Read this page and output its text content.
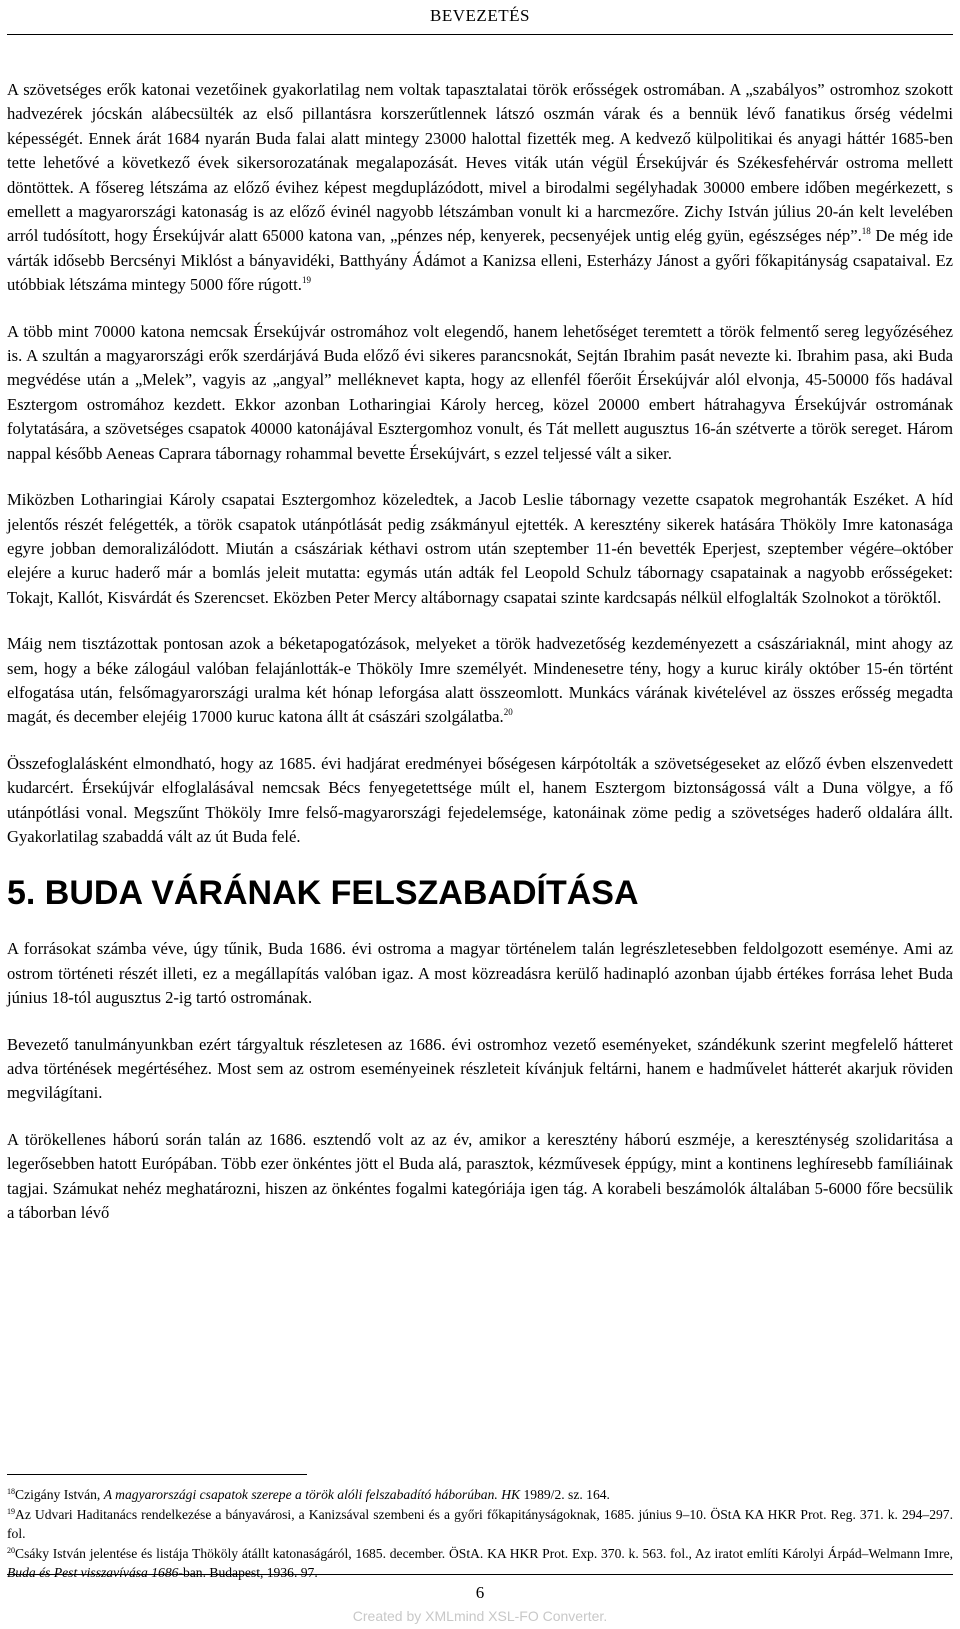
BEVEZETÉS

A szövetséges erők katonai vezetőinek gyakorlatilag nem voltak tapasztalatai török erősségek ostromában. A „szabályos” ostromhoz szokott hadvezérek jócskán alábecsülték az első pillantásra korszerűtlennek látszó oszmán várak és a bennük lévő fanatikus őrség védelmi képességét. Ennek árát 1684 nyarán Buda falai alatt mintegy 23000 halottal fizették meg. A kedvező külpolitikai és anyagi háttér 1685-ben tette lehetővé a következő évek sikersorozatának megalapozását. Heves viták után végül Érsekújvár és Székesfehérvár ostroma mellett döntöttek. A fősereg létszáma az előző évihez képest megduplázódott, mivel a birodalmi segélyhadak 30000 embere időben megérkezett, s emellett a magyarországi katonaság is az előző évinél nagyobb létszámban vonult ki a harcmezőre. Zichy István július 20-án kelt levelében arról tudósított, hogy Érsekújvár alatt 65000 katona van, „pénzes nép, kenyerek, pecsenyéjek untig elég gyün, egészséges nép”.$^{18}$ De még ide várták idősebb Bercsényi Miklóst a bányavidéki, Batthyány Ádámot a Kanizsa elleni, Esterházy Jánost a győri főkapitányság csapataival. Ez utóbbiak létszáma mintegy 5000 főre rúgott.$^{19}$

A több mint 70000 katona nemcsak Érsekújvár ostromához volt elegendő, hanem lehetőséget teremtett a török felmentő sereg legyőzéséhez is. A szultán a magyarországi erők szerdárjává Buda előző évi sikeres parancsnokát, Sejtán Ibrahim pasát nevezte ki. Ibrahim pasa, aki Buda megvédése után a „Melek”, vagyis az „angyal” melléknevet kapta, hogy az ellenfél főerőit Érsekújvár alól elvonja, 45-50000 fős hadával Esztergom ostromához kezdett. Ekkor azonban Lotharingiai Károly herceg, közel 20000 embert hátrahagyva Érsekújvár ostromának folytatására, a szövetséges csapatok 40000 katonájával Esztergomhoz vonult, és Tát mellett augusztus 16-án szétverte a török sereget. Három nappal később Aeneas Caprara tábornagy rohammal bevette Érsekújvárt, s ezzel teljessé vált a siker.

Miközben Lotharingiai Károly csapatai Esztergomhoz közeledtek, a Jacob Leslie tábornagy vezette csapatok megrohanták Eszéket. A híd jelentős részét felégették, a török csapatok utánpótlását pedig zsákmányul ejtették. A keresztény sikerek hatására Thököly Imre katonasága egyre jobban demoralizálódott. Miután a császáriak kéthavi ostrom után szeptember 11-én bevették Eperjest, szeptember végére–október elejére a kuruc haderő már a bomlás jeleit mutatta: egymás után adták fel Leopold Schulz tábornagy csapatainak a nagyobb erősségeket: Tokajt, Kallót, Kisvárdát és Szerencset. Eközben Peter Mercy altábornagy csapatai szinte kardcsapás nélkül elfoglalták Szolnokot a töröktől.

Máig nem tisztázottak pontosan azok a béketapogatózások, melyeket a török hadvezetőség kezdeményezett a császáriaknál, mint ahogy az sem, hogy a béke zálogául valóban felajánlották-e Thököly Imre személyét. Mindenesetre tény, hogy a kuruc király október 15-én történt elfogatása után, felsőmagyarországi uralma két hónap leforgása alatt összeomlott. Munkács várának kivételével az összes erősség megadta magát, és december elejéig 17000 kuruc katona állt át császári szolgálatba.$^{20}$

Összefoglalásként elmondható, hogy az 1685. évi hadjárat eredményei bőségesen kárpótolták a szövetségeseket az előző évben elszenvedett kudarcért. Érsekújvár elfoglalásával nemcsak Bécs fenyegetettsége múlt el, hanem Esztergom biztonságossá vált a Duna völgye, a fő utánpótlási vonal. Megszűnt Thököly Imre felső-magyarországi fejedelemsége, katonáinak zöme pedig a szövetséges haderő oldalára állt. Gyakorlatilag szabaddá vált az út Buda felé.

5. BUDA VÁRÁNAK FELSZABADÍTÁSA

A forrásokat számba véve, úgy tűnik, Buda 1686. évi ostroma a magyar történelem talán legrészletesebben feldolgozott eseménye. Ami az ostrom történeti részét illeti, ez a megállapítás valóban igaz. A most közreadásra kerülő hadinapló azonban újabb értékes forrása lehet Buda június 18-tól augusztus 2-ig tartó ostromának.

Bevezető tanulmányunkban ezért tárgyaltuk részletesen az 1686. évi ostromhoz vezető eseményeket, szándékunk szerint megfelelő hátteret adva történések megértéséhez. Most sem az ostrom eseményeinek részleteit kívánjuk feltárni, hanem e hadművelet hátterét akarjuk röviden megvilágítani.

A törökellenes háború során talán az 1686. esztendő volt az az év, amikor a keresztény háború eszméje, a kereszténység szolidaritása a legerősebben hatott Európában. Több ezer önkéntes jött el Buda alá, parasztok, kézművesek éppúgy, mint a kontinens leghíresebb famíliáinak tagjai. Számukat nehéz meghatározni, hiszen az önkéntes fogalmi kategóriája igen tág. A korabeli beszámolók általában 5-6000 főre becsülik a táborban lévő

$^{18}$Czigány István, A magyarországi csapatok szerepe a török alóli felszabadító háborúban. HK 1989/2. sz. 164.
$^{19}$Az Udvari Haditanács rendelkezése a bányavárosi, a Kanizsával szembeni és a győri főkapitányságoknak, 1685. június 9–10. ÖStA KA HKR Prot. Reg. 371. k. 294–297. fol.
$^{20}$Csáky István jelentése és listája Thököly átállt katonaságáról, 1685. december. ÖStA. KA HKR Prot. Exp. 370. k. 563. fol., Az iratot említi Károlyi Árpád–Welmann Imre, Buda és Pest visszavívása 1686-ban. Budapest, 1936. 97.
6
Created by XMLmind XSL-FO Converter.
